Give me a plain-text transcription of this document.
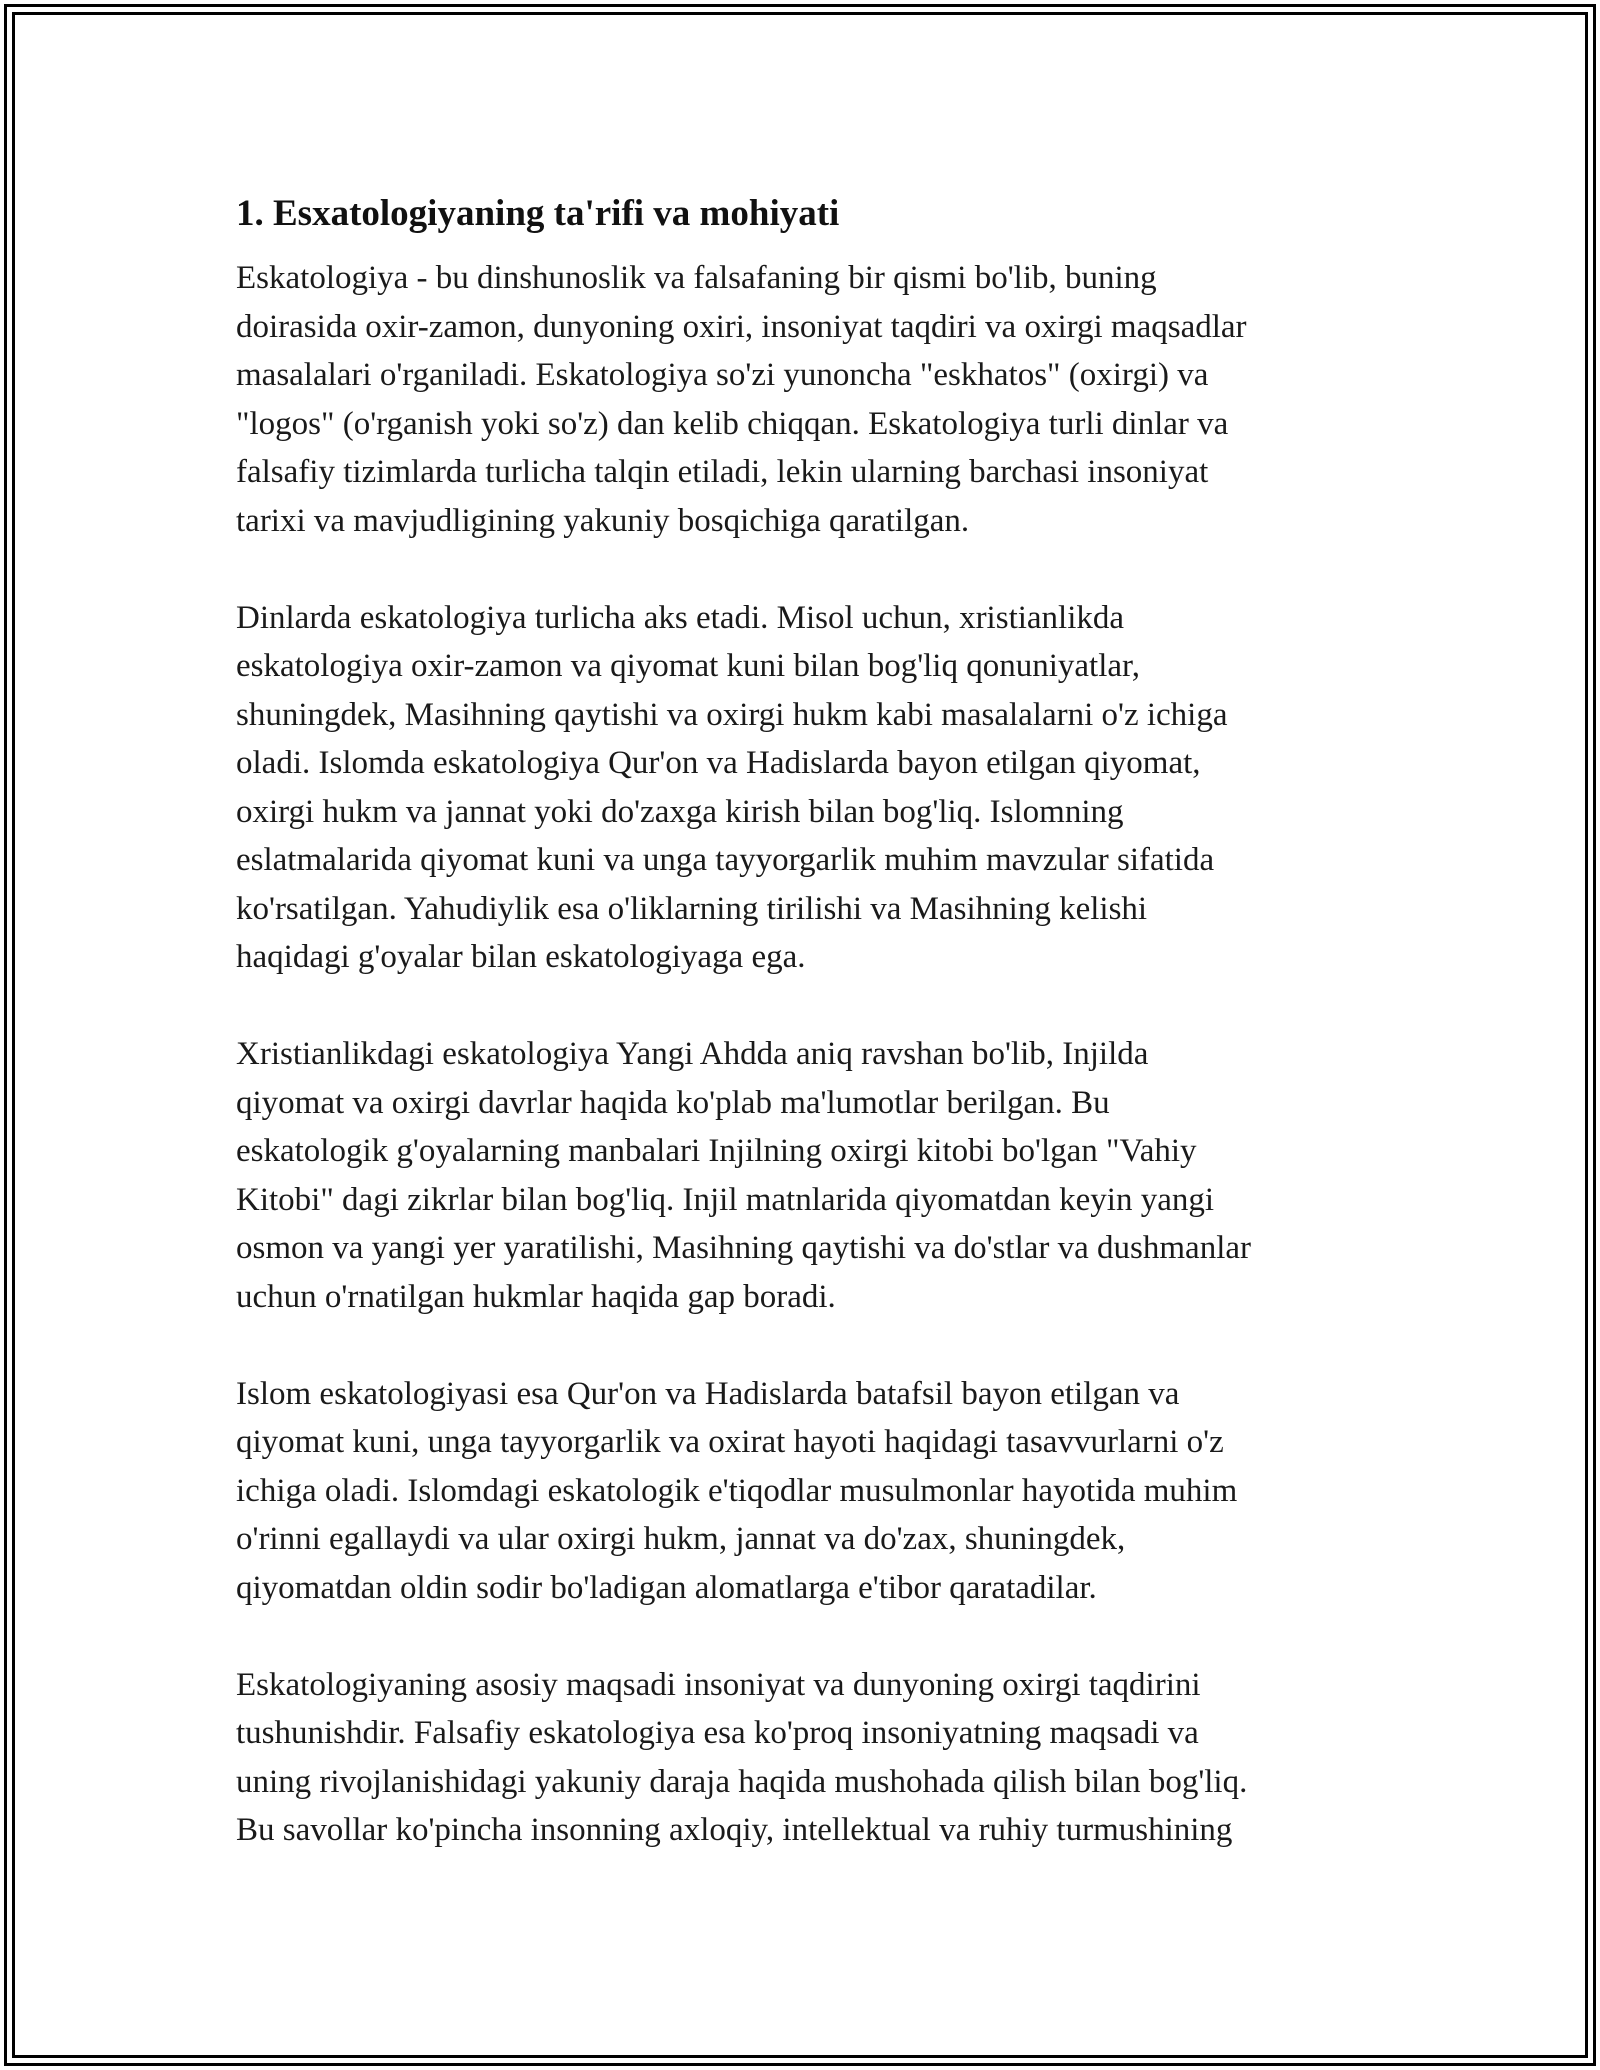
1. Esxatologiyaning ta'rifi va mohiyati

Eskatologiya - bu dinshunoslik va falsafaning bir qismi bo'lib, buning
doirasida oxir-zamon, dunyoning oxiri, insoniyat taqdiri va oxirgi maqsadlar
masalalari o'rganiladi. Eskatologiya so'zi yunoncha "eskhatos" (oxirgi) va
"logos" (o'rganish yoki so'z) dan kelib chiqqan. Eskatologiya turli dinlar va
falsafiy tizimlarda turlicha talqin etiladi, lekin ularning barchasi insoniyat
tarixi va mavjudligining yakuniy bosqichiga qaratilgan.

Dinlarda eskatologiya turlicha aks etadi. Misol uchun, xristianlikda
eskatologiya oxir-zamon va qiyomat kuni bilan bog'liq qonuniyatlar,
shuningdek, Masihning qaytishi va oxirgi hukm kabi masalalarni o'z ichiga
oladi. Islomda eskatologiya Qur'on va Hadislarda bayon etilgan qiyomat,
oxirgi hukm va jannat yoki do'zaxga kirish bilan bog'liq. Islomning
eslatmalarida qiyomat kuni va unga tayyorgarlik muhim mavzular sifatida
ko'rsatilgan. Yahudiylik esa o'liklarning tirilishi va Masihning kelishi
haqidagi g'oyalar bilan eskatologiyaga ega.

Xristianlikdagi eskatologiya Yangi Ahdda aniq ravshan bo'lib, Injilda
qiyomat va oxirgi davrlar haqida ko'plab ma'lumotlar berilgan. Bu
eskatologik g'oyalarning manbalari Injilning oxirgi kitobi bo'lgan "Vahiy
Kitobi" dagi zikrlar bilan bog'liq. Injil matnlarida qiyomatdan keyin yangi
osmon va yangi yer yaratilishi, Masihning qaytishi va do'stlar va dushmanlar
uchun o'rnatilgan hukmlar haqida gap boradi.

Islom eskatologiyasi esa Qur'on va Hadislarda batafsil bayon etilgan va
qiyomat kuni, unga tayyorgarlik va oxirat hayoti haqidagi tasavvurlarni o'z
ichiga oladi. Islomdagi eskatologik e'tiqodlar musulmonlar hayotida muhim
o'rinni egallaydi va ular oxirgi hukm, jannat va do'zax, shuningdek,
qiyomatdan oldin sodir bo'ladigan alomatlarga e'tibor qaratadilar.

Eskatologiyaning asosiy maqsadi insoniyat va dunyoning oxirgi taqdirini
tushunishdir. Falsafiy eskatologiya esa ko'proq insoniyatning maqsadi va
uning rivojlanishidagi yakuniy daraja haqida mushohada qilish bilan bog'liq.
Bu savollar ko'pincha insonning axloqiy, intellektual va ruhiy turmushining
